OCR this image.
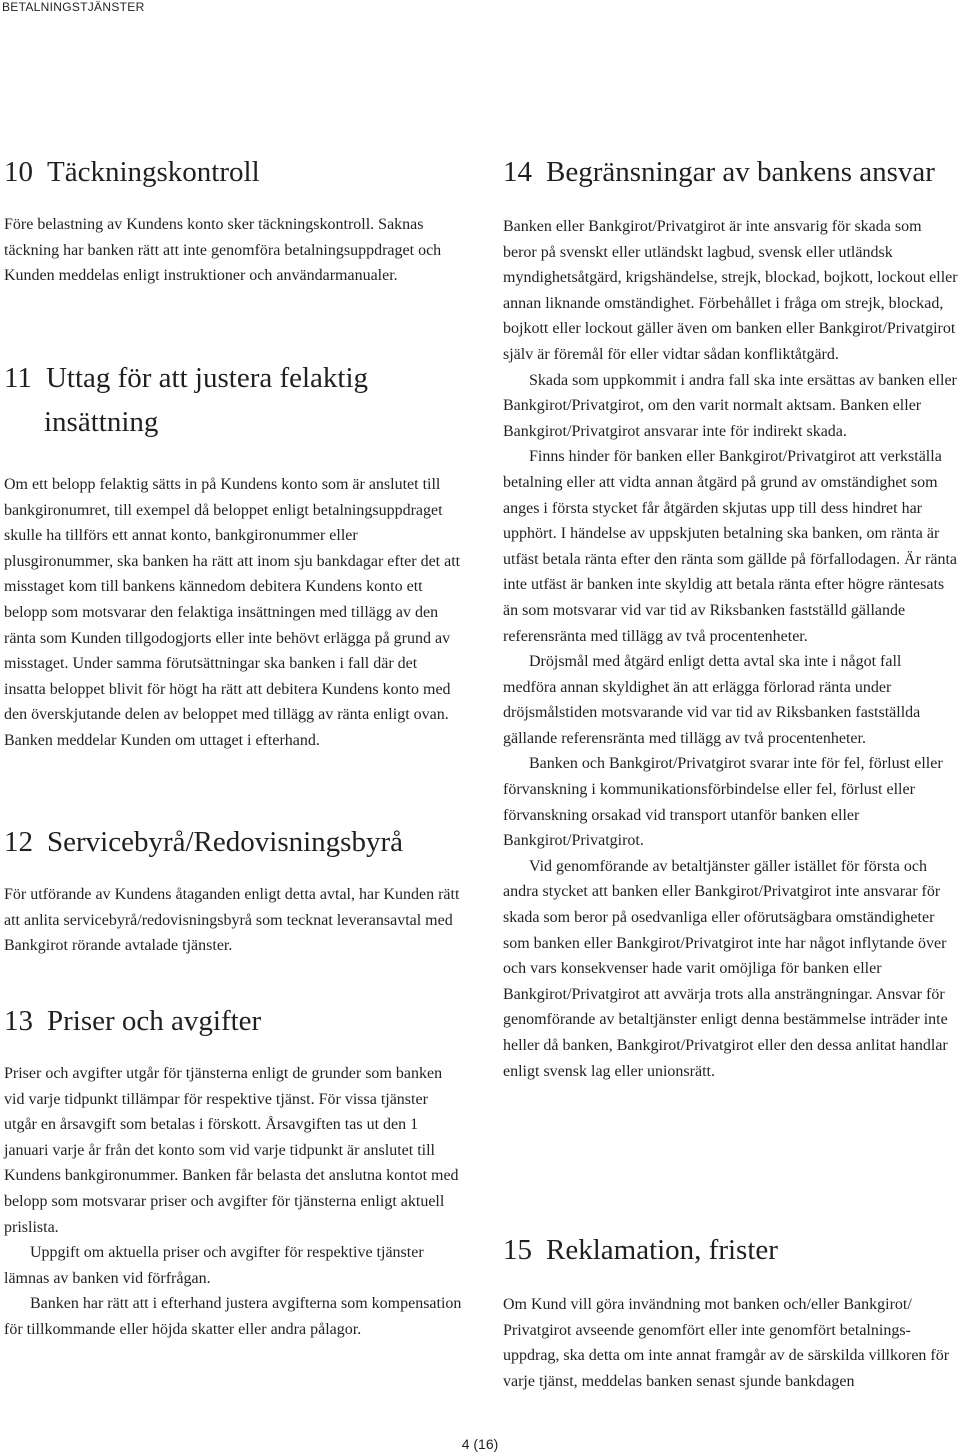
BETALNINGSTJÄNSTER
10 Täckningskontroll

Före belastning av Kundens konto sker täckningskontroll. Saknas täckning har banken rätt att inte genomföra betalningsuppdraget och Kunden meddelas enligt instruktioner och användarmanualer.

11 Uttag för att justera felaktig
insättning

Om ett belopp felaktig sätts in på Kundens konto som är anslutet till bankgironumret, till exempel då beloppet enligt betalningsuppdraget skulle ha tillförs ett annat konto, bankgironummer eller plusgironummer, ska banken ha rätt att inom sju bankdagar efter det att misstaget kom till bankens kännedom debitera Kundens konto ett belopp som motsvarar den felaktiga insättningen med tillägg av den ränta som Kunden tillgodogjorts eller inte behövt erlägga på grund av misstaget. Under samma förutsättningar ska banken i fall där det insatta beloppet blivit för högt ha rätt att debitera Kundens konto med den överskjutande delen av beloppet med tillägg av ränta enligt ovan. Banken meddelar Kunden om uttaget i efterhand.

12 Servicebyrå/Redovisningsbyrå

För utförande av Kundens åtaganden enligt detta avtal, har Kunden rätt att anlita servicebyrå/redovisningsbyrå som tecknat leveransavtal med Bankgirot rörande avtalade tjänster.

13 Priser och avgifter

Priser och avgifter utgår för tjänsterna enligt de grunder som banken vid varje tidpunkt tillämpar för respektive tjänst. För vissa tjänster utgår en årsavgift som betalas i förskott. Årsavgiften tas ut den 1 januari varje år från det konto som vid varje tidpunkt är anslutet till Kundens bankgironummer. Banken får belasta det anslutna kontot med belopp som motsvarar priser och avgifter för tjänsterna enligt aktuell prislista.

Uppgift om aktuella priser och avgifter för respektive tjänster lämnas av banken vid förfrågan.

Banken har rätt att i efterhand justera avgifterna som kompensation för tillkommande eller höjda skatter eller andra pålagor.

14 Begränsningar av bankens ansvar

Banken eller Bankgirot/Privatgirot är inte ansvarig för skada som beror på svenskt eller utländskt lagbud, svensk eller utländsk myndighetsåtgärd, krigshändelse, strejk, blockad, bojkott, lockout eller annan liknande omständighet. Förbehållet i fråga om strejk, blockad, bojkott eller lockout gäller även om banken eller Bankgirot/Privatgirot själv är föremål för eller vidtar sådan konfliktåtgärd.

Skada som uppkommit i andra fall ska inte ersättas av banken eller Bankgirot/Privatgirot, om den varit normalt aktsam. Banken eller Bankgirot/Privatgirot ansvarar inte för indirekt skada.

Finns hinder för banken eller Bankgirot/Privatgirot att verkställa betalning eller att vidta annan åtgärd på grund av omständighet som anges i första stycket får åtgärden skjutas upp till dess hindret har upphört. I händelse av uppskjuten betalning ska banken, om ränta är utfäst betala ränta efter den ränta som gällde på förfallodagen. Är ränta inte utfäst är banken inte skyldig att betala ränta efter högre räntesats än som motsvarar vid var tid av Riksbanken fastställd gällande referensränta med tillägg av två procentenheter.

Dröjsmål med åtgärd enligt detta avtal ska inte i något fall medföra annan skyldighet än att erlägga förlorad ränta under dröjsmålstiden motsvarande vid var tid av Riksbanken fastställda gällande referensränta med tillägg av två procentenheter.

Banken och Bankgirot/Privatgirot svarar inte för fel, förlust eller förvanskning i kommunikationsförbindelse eller fel, förlust eller förvanskning orsakad vid transport utanför banken eller Bankgirot/Privatgirot.

Vid genomförande av betaltjänster gäller istället för första och andra stycket att banken eller Bankgirot/Privatgirot inte ansvarar för skada som beror på osedvanliga eller oförutsägbara omständigheter som banken eller Bankgirot/Privatgirot inte har något inflytande över och vars konsekvenser hade varit omöjliga för banken eller Bankgirot/Privatgirot att avvärja trots alla ansträngningar. Ansvar för genomförande av betaltjänster enligt denna bestämmelse inträder inte heller då banken, Bankgirot/Privatgirot eller den dessa anlitat handlar enligt svensk lag eller unionsrätt.

15 Reklamation, frister

Om Kund vill göra invändning mot banken och/eller Bankgirot/ Privatgirot avseende genomfört eller inte genomfört betalningsuppdrag, ska detta om inte annat framgår av de särskilda villkoren för varje tjänst, meddelas banken senast sjunde bankdagen

4 (16)
